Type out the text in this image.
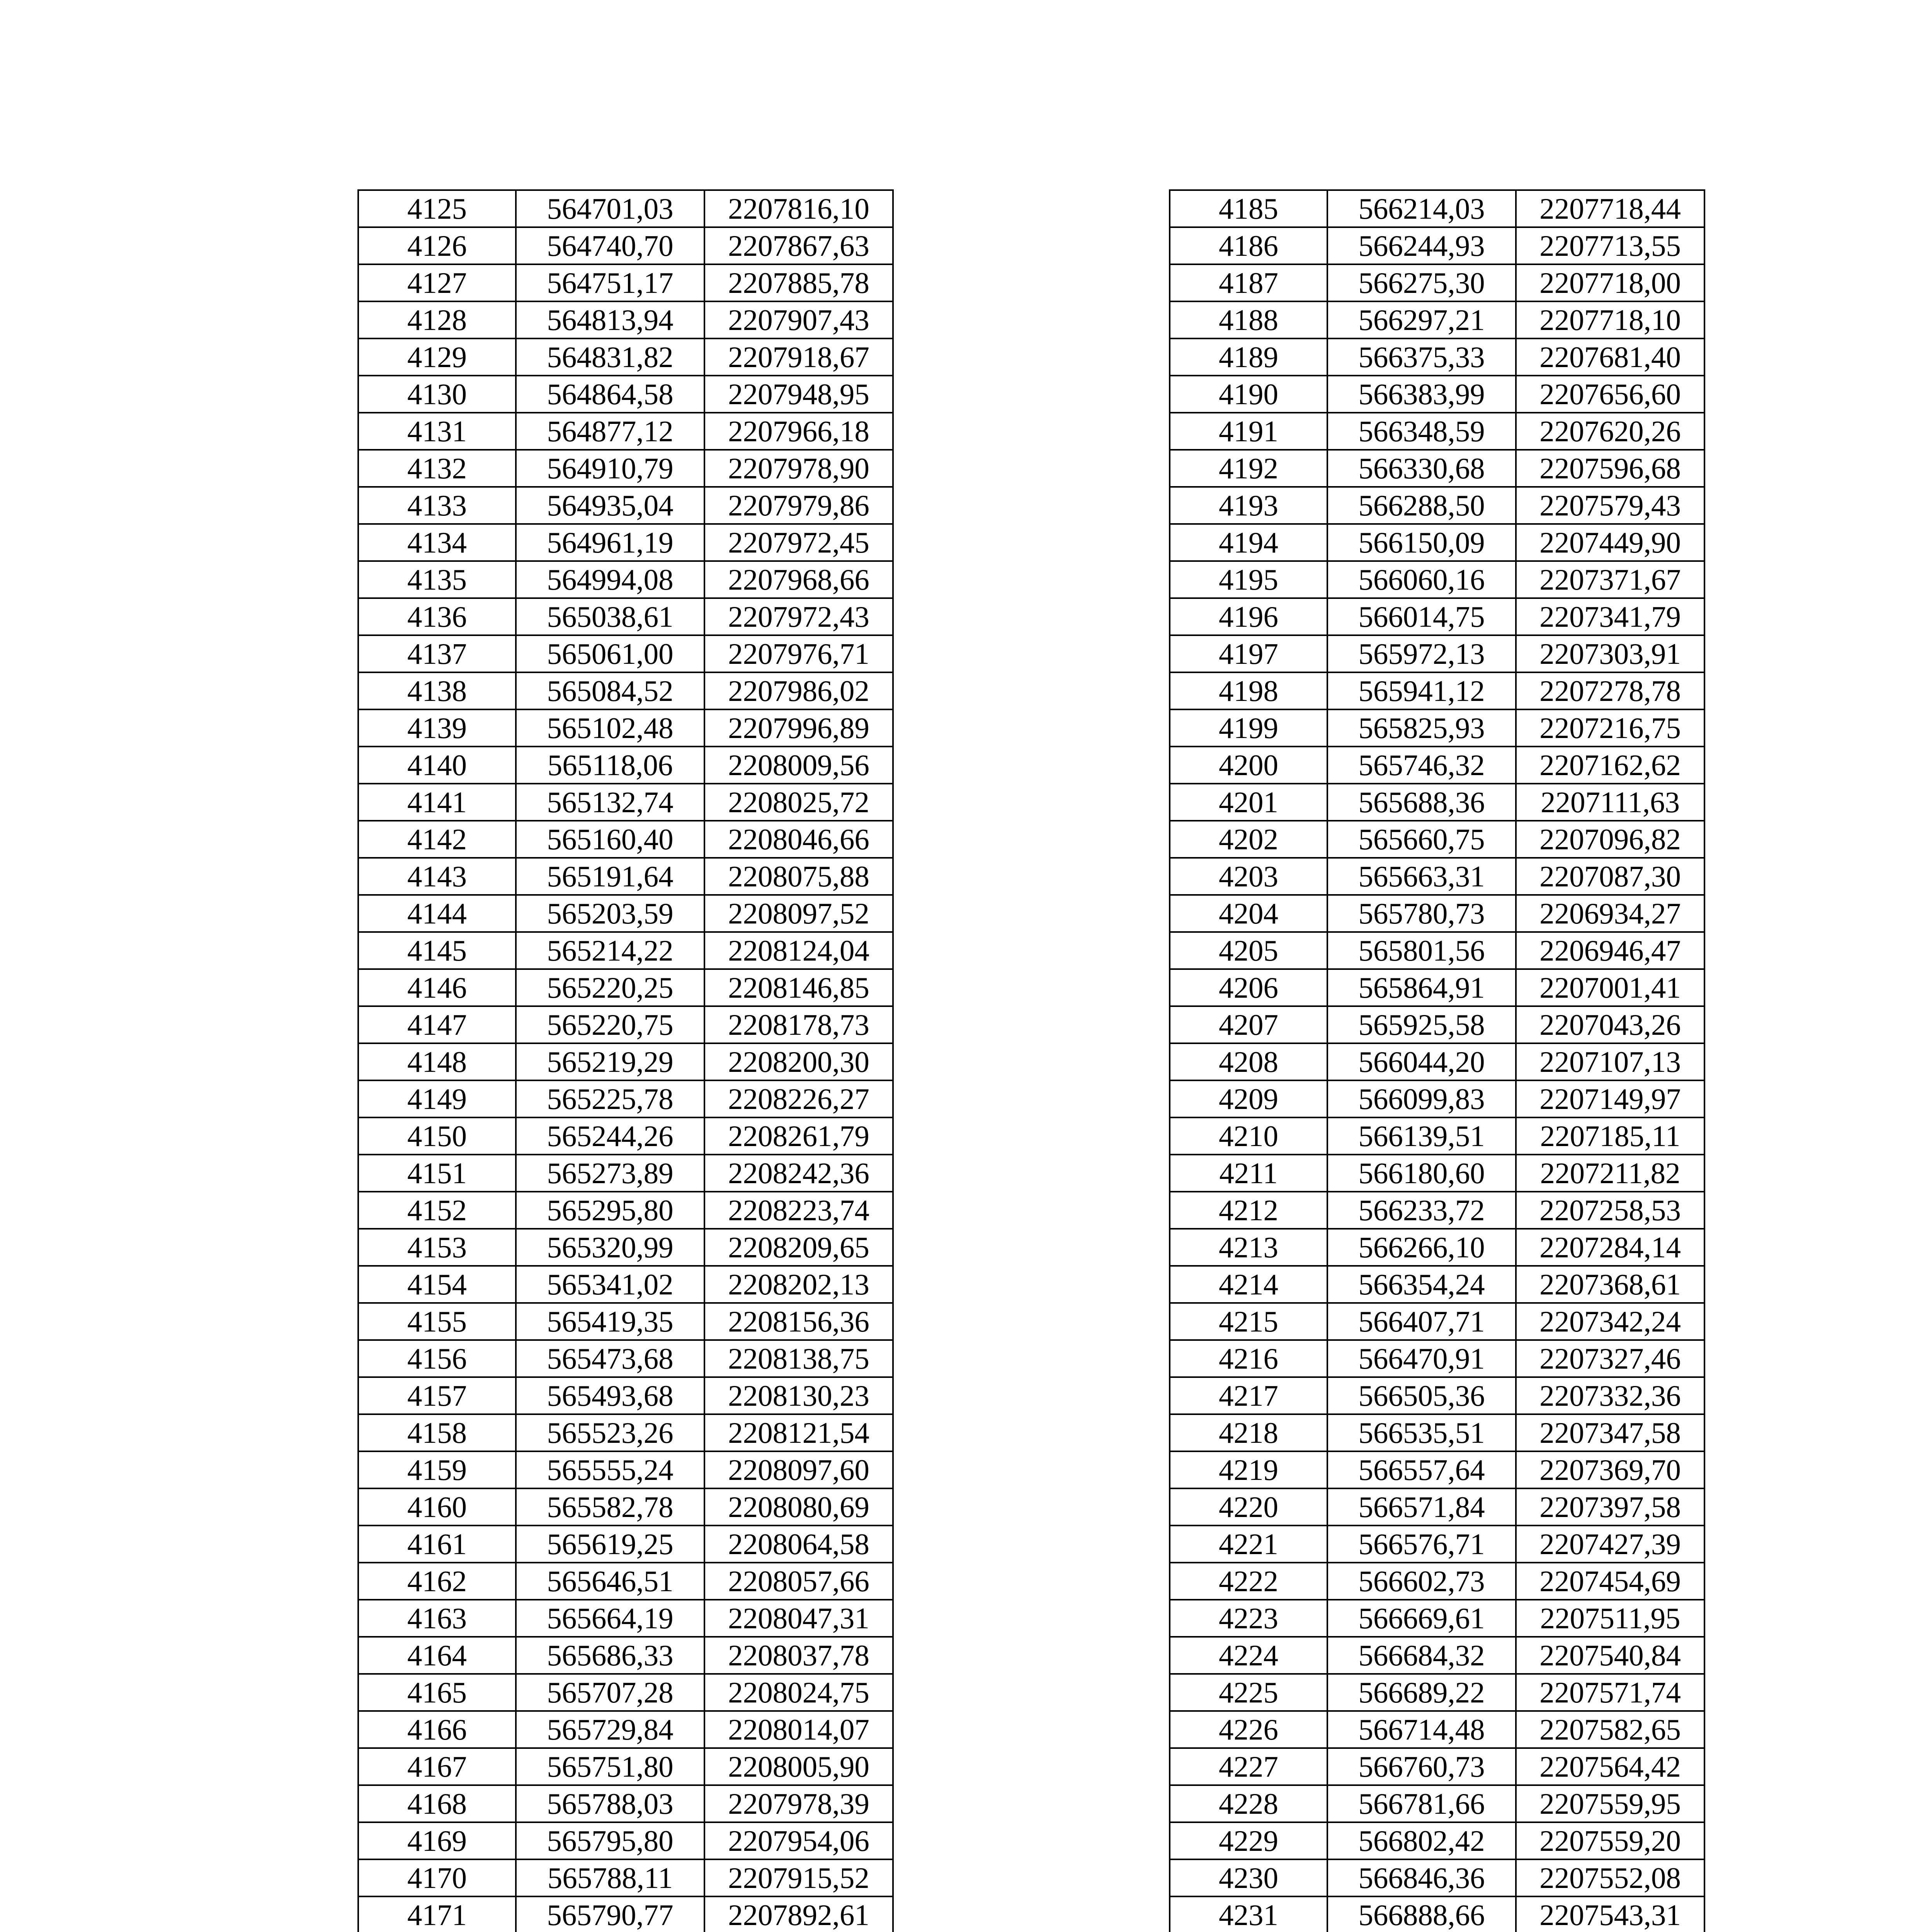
4125	564701,03	2207816,10
4126	564740,70	2207867,63
4127	564751,17	2207885,78
4128	564813,94	2207907,43
4129	564831,82	2207918,67
4130	564864,58	2207948,95
4131	564877,12	2207966,18
4132	564910,79	2207978,90
4133	564935,04	2207979,86
4134	564961,19	2207972,45
4135	564994,08	2207968,66
4136	565038,61	2207972,43
4137	565061,00	2207976,71
4138	565084,52	2207986,02
4139	565102,48	2207996,89
4140	565118,06	2208009,56
4141	565132,74	2208025,72
4142	565160,40	2208046,66
4143	565191,64	2208075,88
4144	565203,59	2208097,52
4145	565214,22	2208124,04
4146	565220,25	2208146,85
4147	565220,75	2208178,73
4148	565219,29	2208200,30
4149	565225,78	2208226,27
4150	565244,26	2208261,79
4151	565273,89	2208242,36
4152	565295,80	2208223,74
4153	565320,99	2208209,65
4154	565341,02	2208202,13
4155	565419,35	2208156,36
4156	565473,68	2208138,75
4157	565493,68	2208130,23
4158	565523,26	2208121,54
4159	565555,24	2208097,60
4160	565582,78	2208080,69
4161	565619,25	2208064,58
4162	565646,51	2208057,66
4163	565664,19	2208047,31
4164	565686,33	2208037,78
4165	565707,28	2208024,75
4166	565729,84	2208014,07
4167	565751,80	2208005,90
4168	565788,03	2207978,39
4169	565795,80	2207954,06
4170	565788,11	2207915,52
4171	565790,77	2207892,61

4185	566214,03	2207718,44
4186	566244,93	2207713,55
4187	566275,30	2207718,00
4188	566297,21	2207718,10
4189	566375,33	2207681,40
4190	566383,99	2207656,60
4191	566348,59	2207620,26
4192	566330,68	2207596,68
4193	566288,50	2207579,43
4194	566150,09	2207449,90
4195	566060,16	2207371,67
4196	566014,75	2207341,79
4197	565972,13	2207303,91
4198	565941,12	2207278,78
4199	565825,93	2207216,75
4200	565746,32	2207162,62
4201	565688,36	2207111,63
4202	565660,75	2207096,82
4203	565663,31	2207087,30
4204	565780,73	2206934,27
4205	565801,56	2206946,47
4206	565864,91	2207001,41
4207	565925,58	2207043,26
4208	566044,20	2207107,13
4209	566099,83	2207149,97
4210	566139,51	2207185,11
4211	566180,60	2207211,82
4212	566233,72	2207258,53
4213	566266,10	2207284,14
4214	566354,24	2207368,61
4215	566407,71	2207342,24
4216	566470,91	2207327,46
4217	566505,36	2207332,36
4218	566535,51	2207347,58
4219	566557,64	2207369,70
4220	566571,84	2207397,58
4221	566576,71	2207427,39
4222	566602,73	2207454,69
4223	566669,61	2207511,95
4224	566684,32	2207540,84
4225	566689,22	2207571,74
4226	566714,48	2207582,65
4227	566760,73	2207564,42
4228	566781,66	2207559,95
4229	566802,42	2207559,20
4230	566846,36	2207552,08
4231	566888,66	2207543,31
